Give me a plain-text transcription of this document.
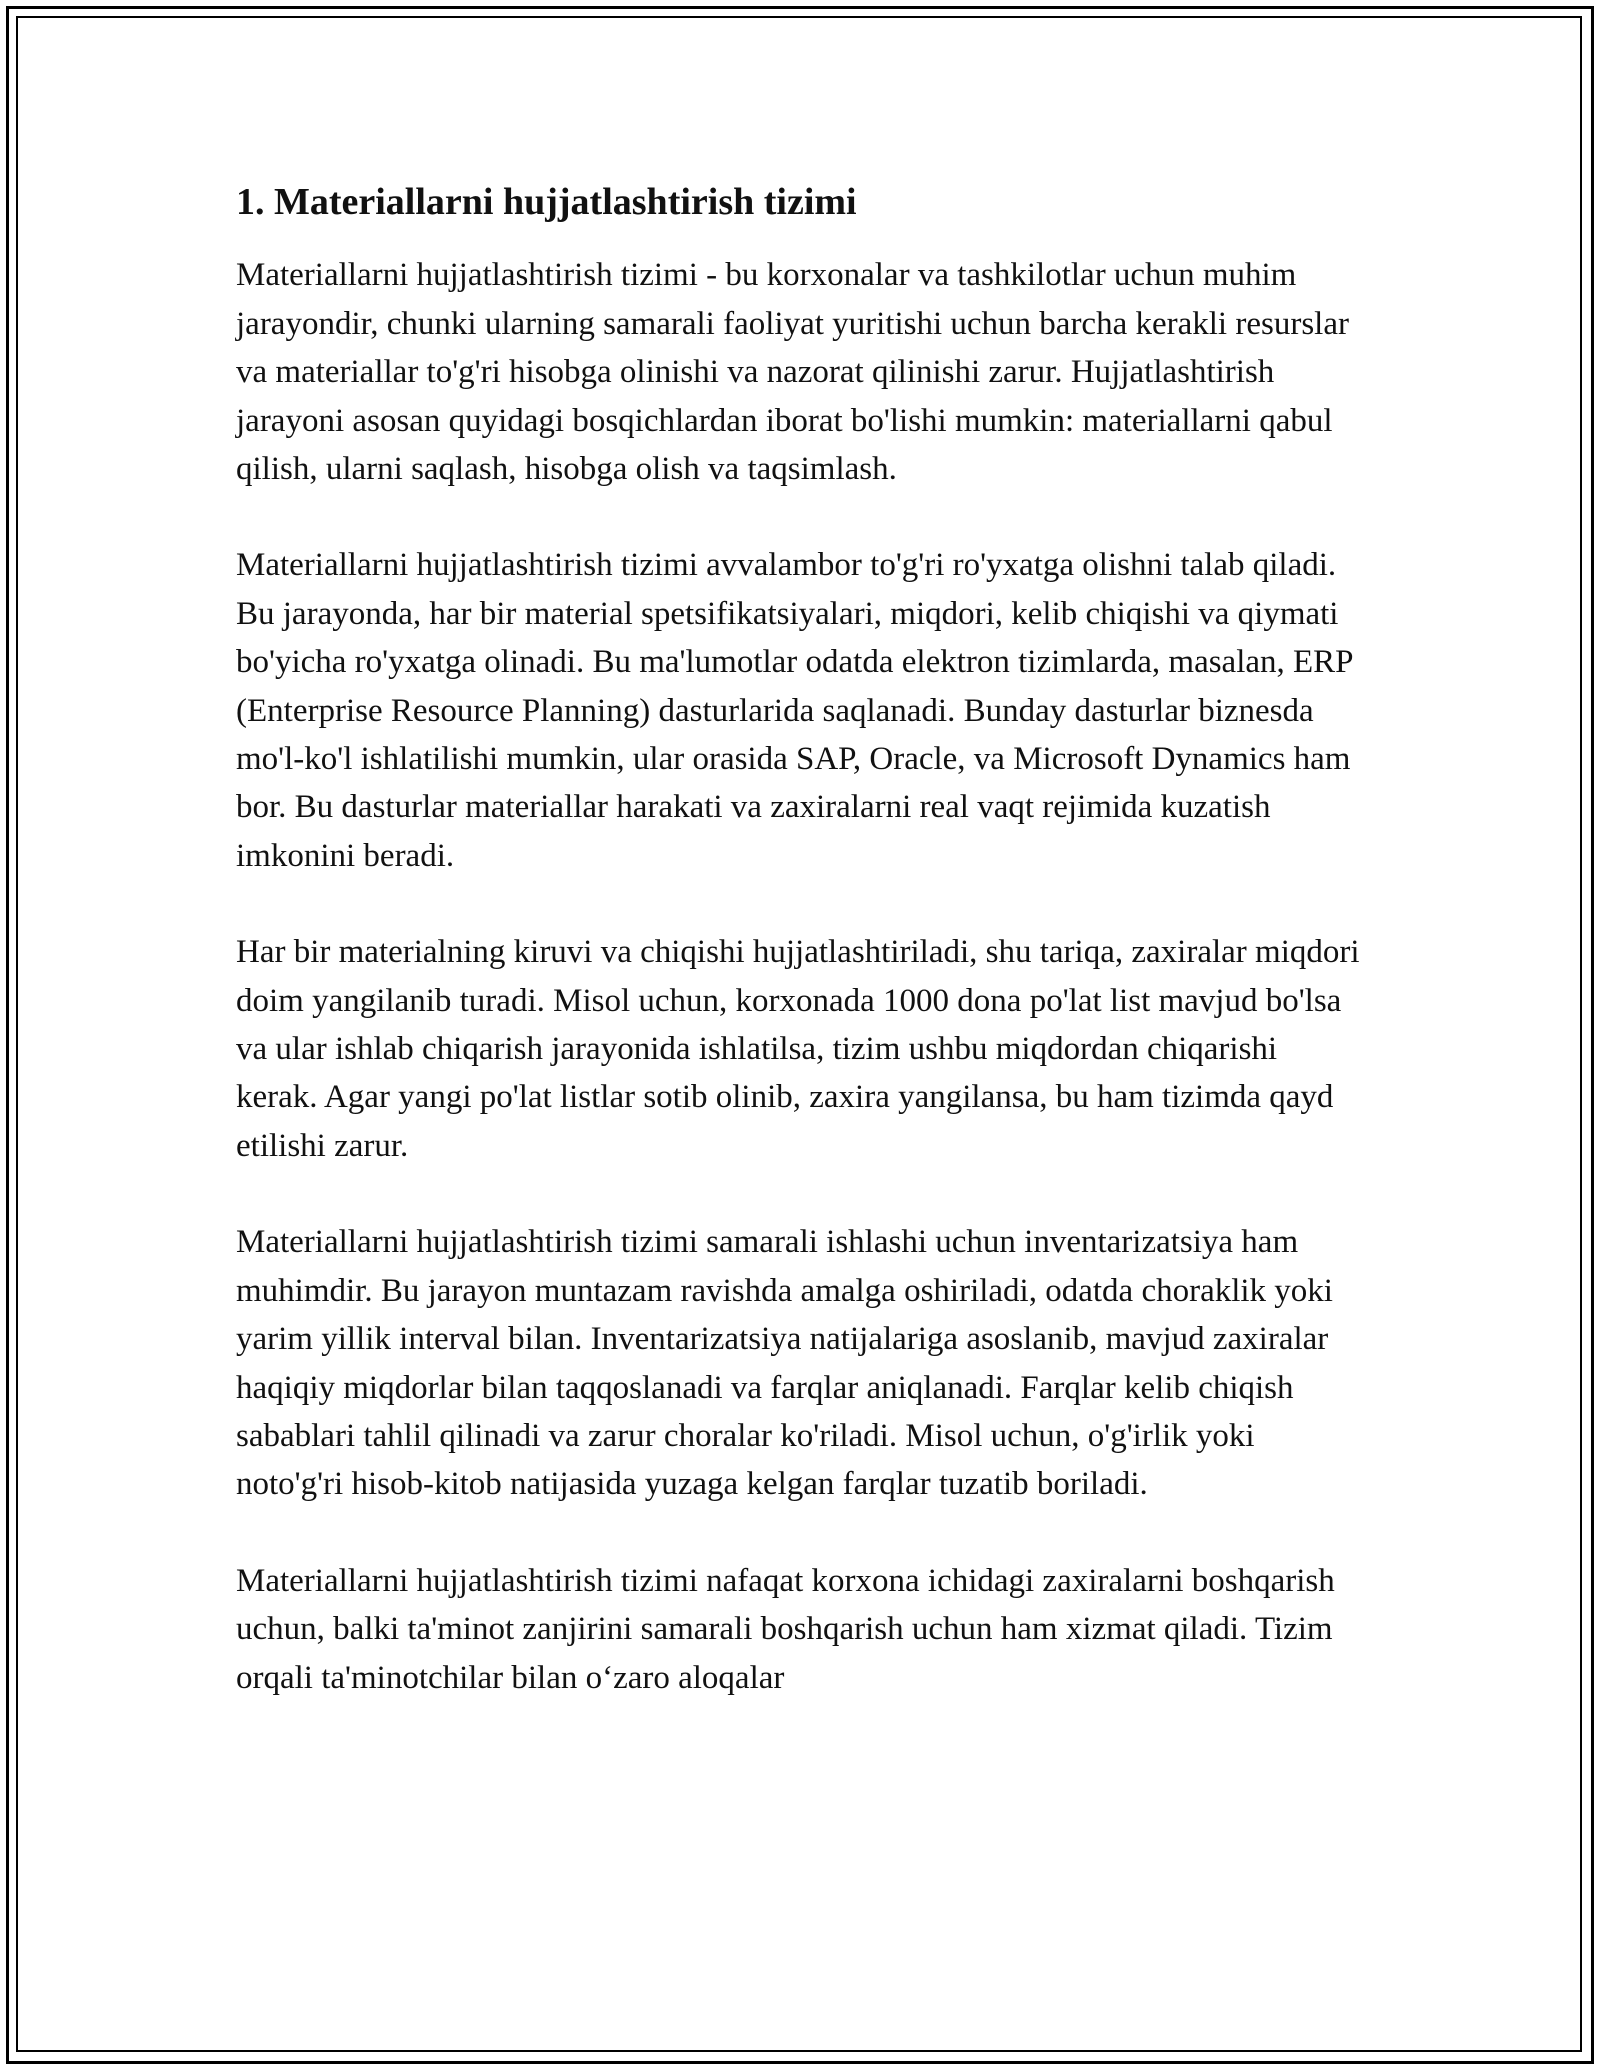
1. Materiallarni hujjatlashtirish tizimi

Materiallarni hujjatlashtirish tizimi - bu korxonalar va tashkilotlar uchun muhim jarayondir, chunki ularning samarali faoliyat yuritishi uchun barcha kerakli resurslar va materiallar to'g'ri hisobga olinishi va nazorat qilinishi zarur. Hujjatlashtirish jarayoni asosan quyidagi bosqichlardan iborat bo'lishi mumkin: materiallarni qabul qilish, ularni saqlash, hisobga olish va taqsimlash.

Materiallarni hujjatlashtirish tizimi avvalambor to'g'ri ro'yxatga olishni talab qiladi. Bu jarayonda, har bir material spetsifikatsiyalari, miqdori, kelib chiqishi va qiymati bo'yicha ro'yxatga olinadi. Bu ma'lumotlar odatda elektron tizimlarda, masalan, ERP (Enterprise Resource Planning) dasturlarida saqlanadi. Bunday dasturlar biznesda mo'l-ko'l ishlatilishi mumkin, ular orasida SAP, Oracle, va Microsoft Dynamics ham bor. Bu dasturlar materiallar harakati va zaxiralarni real vaqt rejimida kuzatish imkonini beradi.

Har bir materialning kiruvi va chiqishi hujjatlashtiriladi, shu tariqa, zaxiralar miqdori doim yangilanib turadi. Misol uchun, korxonada 1000 dona po'lat list mavjud bo'lsa va ular ishlab chiqarish jarayonida ishlatilsa, tizim ushbu miqdordan chiqarishi kerak. Agar yangi po'lat listlar sotib olinib, zaxira yangilansa, bu ham tizimda qayd etilishi zarur.

Materiallarni hujjatlashtirish tizimi samarali ishlashi uchun inventarizatsiya ham muhimdir. Bu jarayon muntazam ravishda amalga oshiriladi, odatda choraklik yoki yarim yillik interval bilan. Inventarizatsiya natijalariga asoslanib, mavjud zaxiralar haqiqiy miqdorlar bilan taqqoslanadi va farqlar aniqlanadi. Farqlar kelib chiqish sabablari tahlil qilinadi va zarur choralar ko'riladi. Misol uchun, o'g'irlik yoki noto'g'ri hisob-kitob natijasida yuzaga kelgan farqlar tuzatib boriladi.

Materiallarni hujjatlashtirish tizimi nafaqat korxona ichidagi zaxiralarni boshqarish uchun, balki ta'minot zanjirini samarali boshqarish uchun ham xizmat qiladi. Tizim orqali ta'minotchilar bilan o‘zaro aloqalar
